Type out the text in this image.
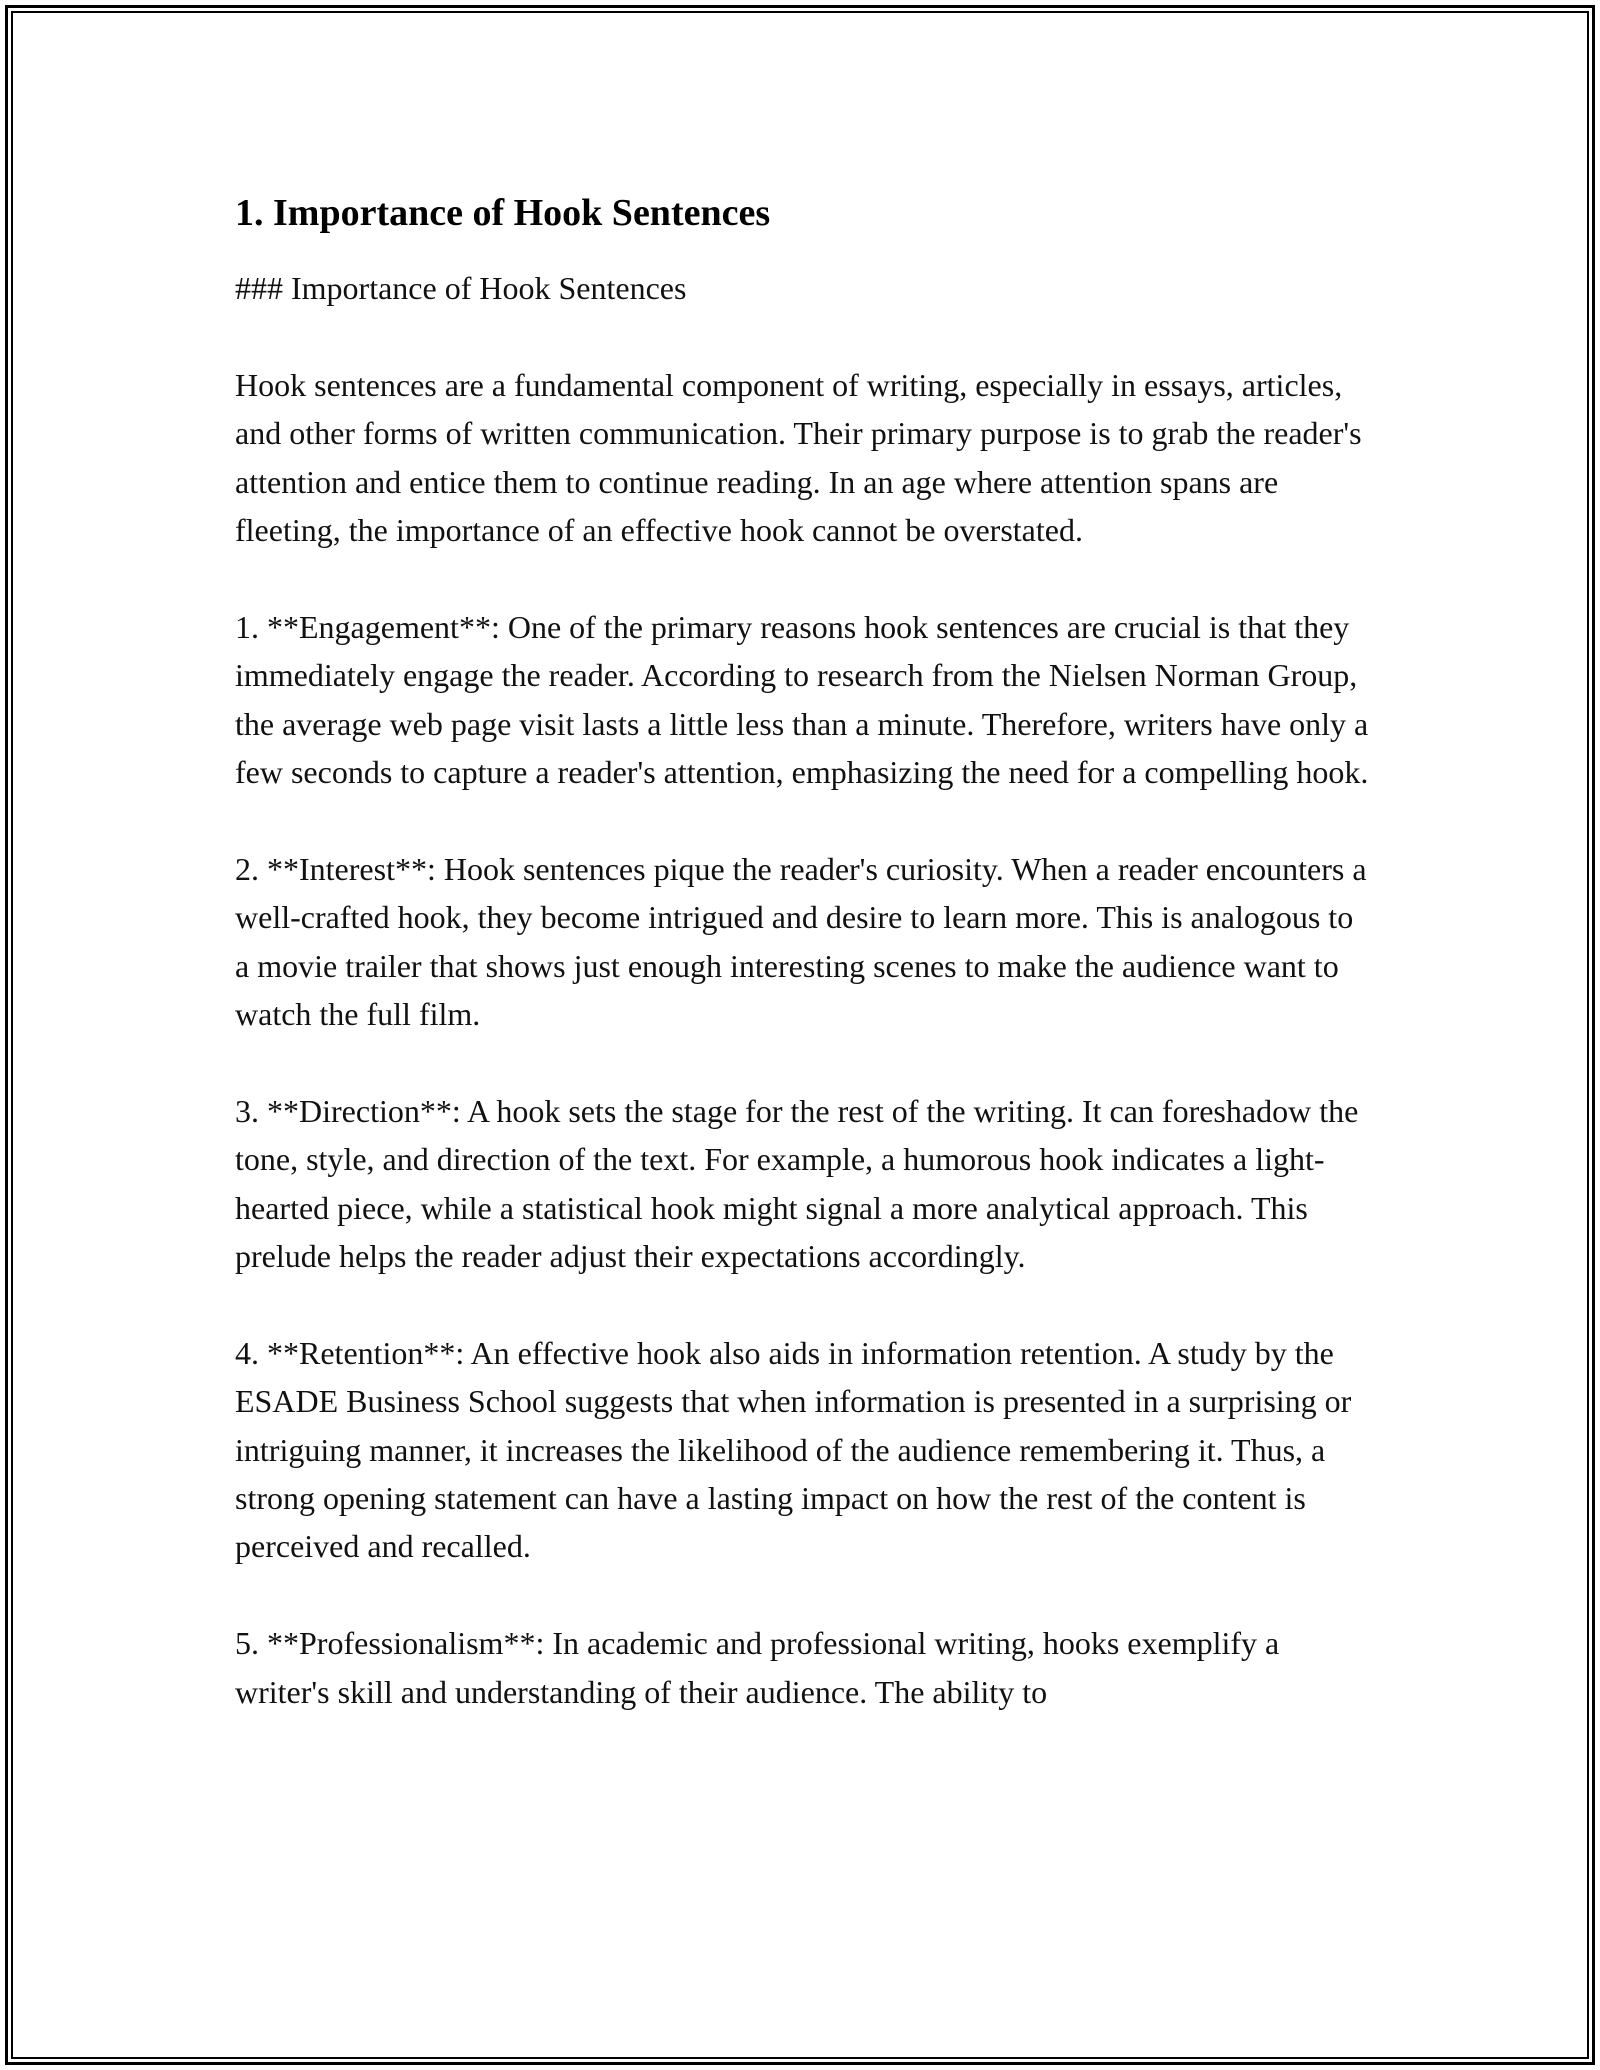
1. Importance of Hook Sentences

### Importance of Hook Sentences

Hook sentences are a fundamental component of writing, especially in essays, articles, and other forms of written communication. Their primary purpose is to grab the reader's attention and entice them to continue reading. In an age where attention spans are fleeting, the importance of an effective hook cannot be overstated.

1. **Engagement**: One of the primary reasons hook sentences are crucial is that they immediately engage the reader. According to research from the Nielsen Norman Group, the average web page visit lasts a little less than a minute. Therefore, writers have only a few seconds to capture a reader's attention, emphasizing the need for a compelling hook.

2. **Interest**: Hook sentences pique the reader's curiosity. When a reader encounters a well-crafted hook, they become intrigued and desire to learn more. This is analogous to a movie trailer that shows just enough interesting scenes to make the audience want to watch the full film.

3. **Direction**: A hook sets the stage for the rest of the writing. It can foreshadow the tone, style, and direction of the text. For example, a humorous hook indicates a light-hearted piece, while a statistical hook might signal a more analytical approach. This prelude helps the reader adjust their expectations accordingly.

4. **Retention**: An effective hook also aids in information retention. A study by the ESADE Business School suggests that when information is presented in a surprising or intriguing manner, it increases the likelihood of the audience remembering it. Thus, a strong opening statement can have a lasting impact on how the rest of the content is perceived and recalled.

5. **Professionalism**: In academic and professional writing, hooks exemplify a writer's skill and understanding of their audience. The ability to
